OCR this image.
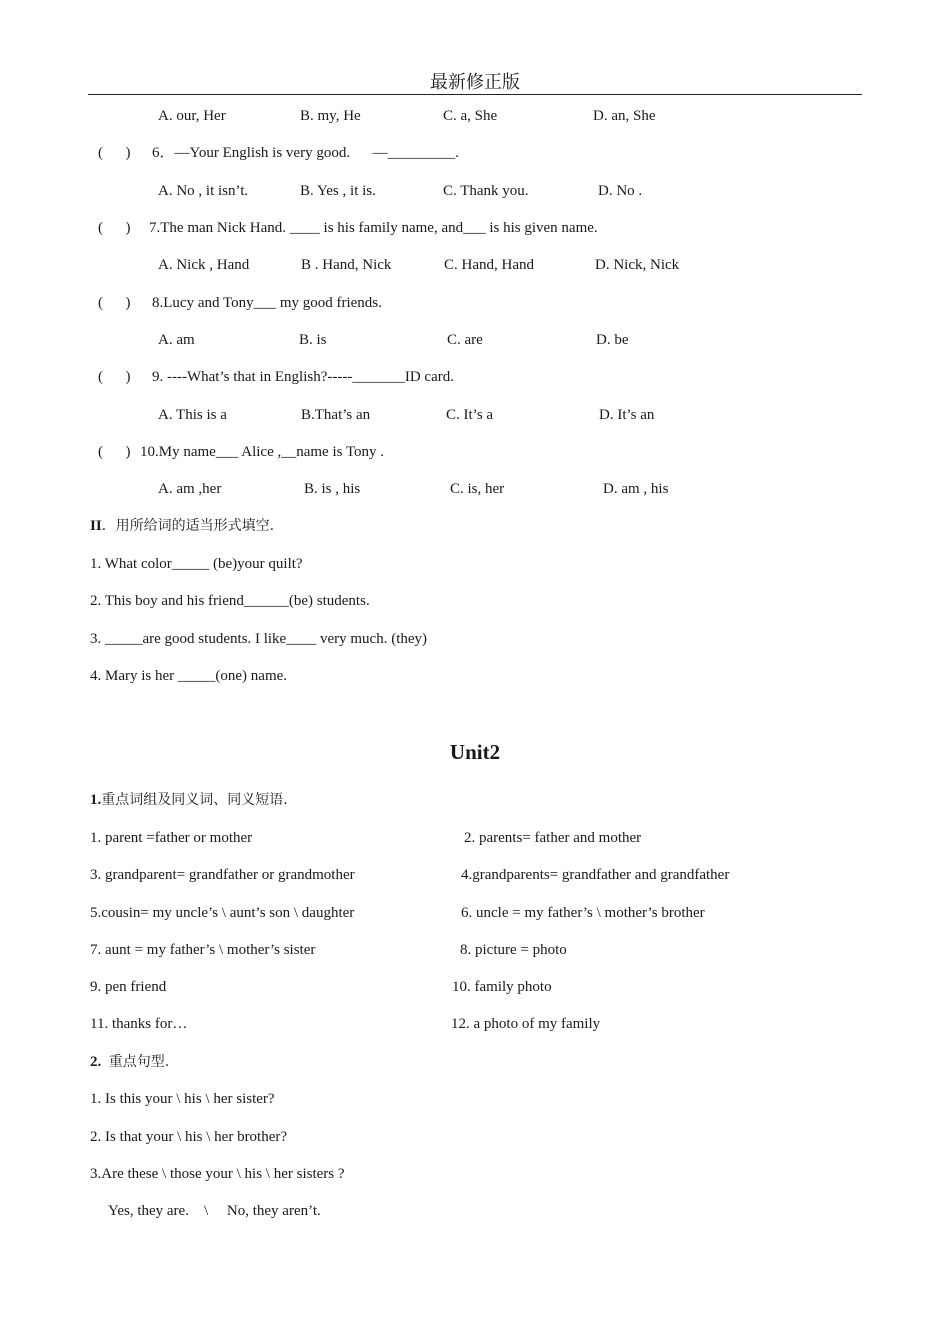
最新修正版
A. our, Her	B. my, He	C. a, She	D. an, She
(      ) 6．—Your English is very good.      —_________.
A. No , it isn’t.	B. Yes , it is.	C. Thank you.	D. No .
(      ) 7.The man Nick Hand. ____ is his family name, and___ is his given name.
A. Nick , Hand	B . Hand, Nick	C. Hand, Hand	D. Nick, Nick
(      ) 8.Lucy and Tony___ my good friends.
A. am	B. is	C. are	D. be
(      ) 9. ----What’s that in English?-----_______ID card.
A. This is a	B.That’s an	C. It’s a	D. It’s an
(      ) 10.My name___ Alice ,__name is Tony .
A. am ,her	B. is , his	C. is, her	D. am , his
II．用所给词的适当形式填空.
1. What color_____ (be)your quilt?
2. This boy and his friend______(be) students.
3. _____are good students. I like____ very much. (they)
4. Mary is her _____(one) name.
Unit2
1.重点词组及同义词、同义短语.
1. parent =father or mother	2. parents= father and mother
3. grandparent= grandfather or grandmother	4.grandparents= grandfather and grandfather
5.cousin= my uncle’s \ aunt’s son \ daughter	6. uncle = my father’s \ mother’s brother
7. aunt = my father’s \ mother’s sister	8. picture = photo
9. pen friend	10. family photo
11. thanks for…	12. a photo of my family
2. 重点句型.
1. Is this your \ his \ her sister?
2. Is that your \ his \ her brother?
3.Are these \ those your \ his \ her sisters ?
Yes, they are.    \     No, they aren’t.
